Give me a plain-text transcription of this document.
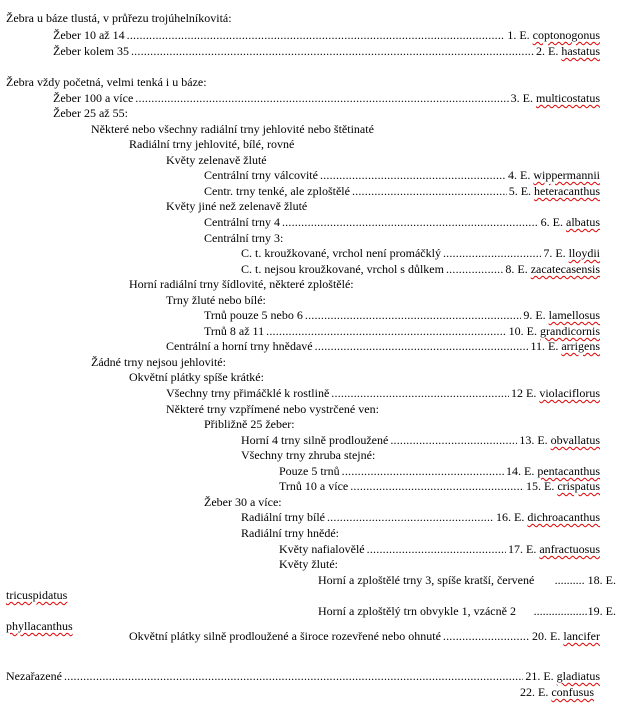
Žebra u báze tlustá, v průřezu trojúhelníkovitá:
Žeber 10 až 14 .....	1. E. coptonogonus
Žeber kolem 35 .....	2. E. hastatus
Žebra vždy početná, velmi tenká i u báze:
Žeber 100 a více .....	3. E. multicostatus
Žeber 25 až 55:
Některé nebo všechny radiální trny jehlovité nebo štětinaté
Radiální trny jehlovité, bílé, rovné
Květy zelenavě žluté
Centrální trny válcovité .....	4. E. wippermannii
Centr. trny tenké, ale zploštělé .....	5. E. heteracanthus
Květy jiné než zelenavě žluté
Centrální trny 4 .....	6. E. albatus
Centrální trny 3:
C. t. kroužkované, vrchol není promáčklý .....	7. E. lloydii
C. t. nejsou kroužkované, vrchol s důlkem .....	8. E. zacatecasensis
Horní radiální trny šídlovité, některé zploštělé:
Trny žluté nebo bílé:
Trnů pouze 5 nebo 6 .....	9. E. lamellosus
Trnů 8 až 11 .....	10. E. grandicornis
Centrální a horní trny hnědavé .....	11. E. arrigens
Žádné trny nejsou jehlovité:
Okvětní plátky spíše krátké:
Všechny trny přimáčklé k rostlině .....	12 E. violaciflorus
Některé trny vzpřímené nebo vystrčené ven:
Přibližně 25 žeber:
Horní 4 trny silně prodloužené .....	13. E. obvallatus
Všechny trny zhruba stejné:
Pouze 5 trnů .....	14. E. pentacanthus
Trnů 10 a více .....	15. E. crispatus
Žeber 30 a více:
Radiální trny bílé .....	16. E. dichroacanthus
Radiální trny hnědé:
Květy nafialovělé .....	17. E. anfractuosus
Květy žluté:
Horní a zploštělé trny 3, spíše kratší, červené .......... 18. E.
tricuspidatus
Horní a zploštělý trn obvykle 1, vzácně 2 ..................19. E.
phyllacanthus
Okvětní plátky silně prodloužené a široce rozevřené nebo ohnuté .....	20. E. lancifer
Nezařazené .....	21. E. gladiatus
22. E. confusus
